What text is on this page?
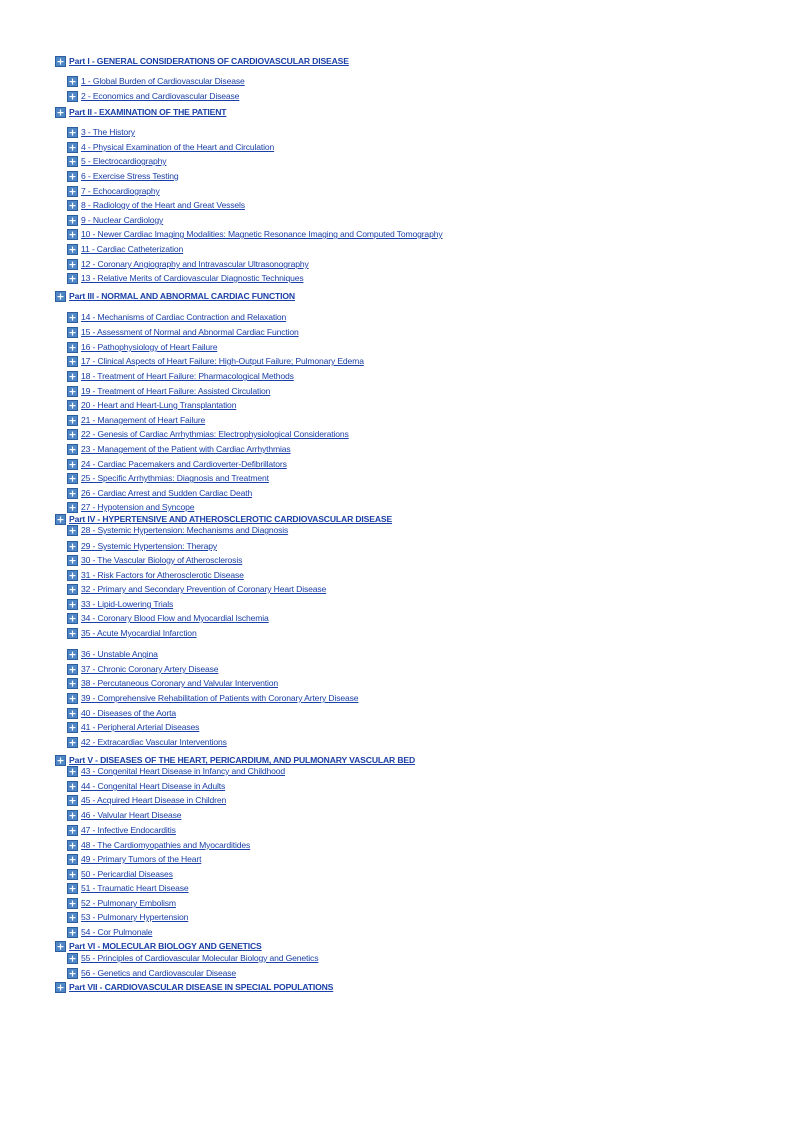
Part I - GENERAL CONSIDERATIONS OF CARDIOVASCULAR DISEASE
1 - Global Burden of Cardiovascular Disease
2 - Economics and Cardiovascular Disease
Part II - EXAMINATION OF THE PATIENT
3 - The History
4 - Physical Examination of the Heart and Circulation
5 - Electrocardiography
6 - Exercise Stress Testing
7 - Echocardiography
8 - Radiology of the Heart and Great Vessels
9 - Nuclear Cardiology
10 - Newer Cardiac Imaging Modalities: Magnetic Resonance Imaging and Computed Tomography
11 - Cardiac Catheterization
12 - Coronary Angiography and Intravascular Ultrasonography
13 - Relative Merits of Cardiovascular Diagnostic Techniques
Part III - NORMAL AND ABNORMAL CARDIAC FUNCTION
14 - Mechanisms of Cardiac Contraction and Relaxation
15 - Assessment of Normal and Abnormal Cardiac Function
16 - Pathophysiology of Heart Failure
17 - Clinical Aspects of Heart Failure: High-Output Failure; Pulmonary Edema
18 - Treatment of Heart Failure: Pharmacological Methods
19 - Treatment of Heart Failure: Assisted Circulation
20 - Heart and Heart-Lung Transplantation
21 - Management of Heart Failure
22 - Genesis of Cardiac Arrhythmias: Electrophysiological Considerations
23 - Management of the Patient with Cardiac Arrhythmias
24 - Cardiac Pacemakers and Cardioverter-Defibrillators
25 - Specific Arrhythmias: Diagnosis and Treatment
26 - Cardiac Arrest and Sudden Cardiac Death
27 - Hypotension and Syncope
Part IV - HYPERTENSIVE AND ATHEROSCLEROTIC CARDIOVASCULAR DISEASE
28 - Systemic Hypertension: Mechanisms and Diagnosis
29 - Systemic Hypertension: Therapy
30 - The Vascular Biology of Atherosclerosis
31 - Risk Factors for Atherosclerotic Disease
32 - Primary and Secondary Prevention of Coronary Heart Disease
33 - Lipid-Lowering Trials
34 - Coronary Blood Flow and Myocardial Ischemia
35 - Acute Myocardial Infarction
36 - Unstable Angina
37 - Chronic Coronary Artery Disease
38 - Percutaneous Coronary and Valvular Intervention
39 - Comprehensive Rehabilitation of Patients with Coronary Artery Disease
40 - Diseases of the Aorta
41 - Peripheral Arterial Diseases
42 - Extracardiac Vascular Interventions
Part V - DISEASES OF THE HEART, PERICARDIUM, AND PULMONARY VASCULAR BED
43 - Congenital Heart Disease in Infancy and Childhood
44 - Congenital Heart Disease in Adults
45 - Acquired Heart Disease in Children
46 - Valvular Heart Disease
47 - Infective Endocarditis
48 - The Cardiomyopathies and Myocarditides
49 - Primary Tumors of the Heart
50 - Pericardial Diseases
51 - Traumatic Heart Disease
52 - Pulmonary Embolism
53 - Pulmonary Hypertension
54 - Cor Pulmonale
Part VI - MOLECULAR BIOLOGY AND GENETICS
55 - Principles of Cardiovascular Molecular Biology and Genetics
56 - Genetics and Cardiovascular Disease
Part VII - CARDIOVASCULAR DISEASE IN SPECIAL POPULATIONS
